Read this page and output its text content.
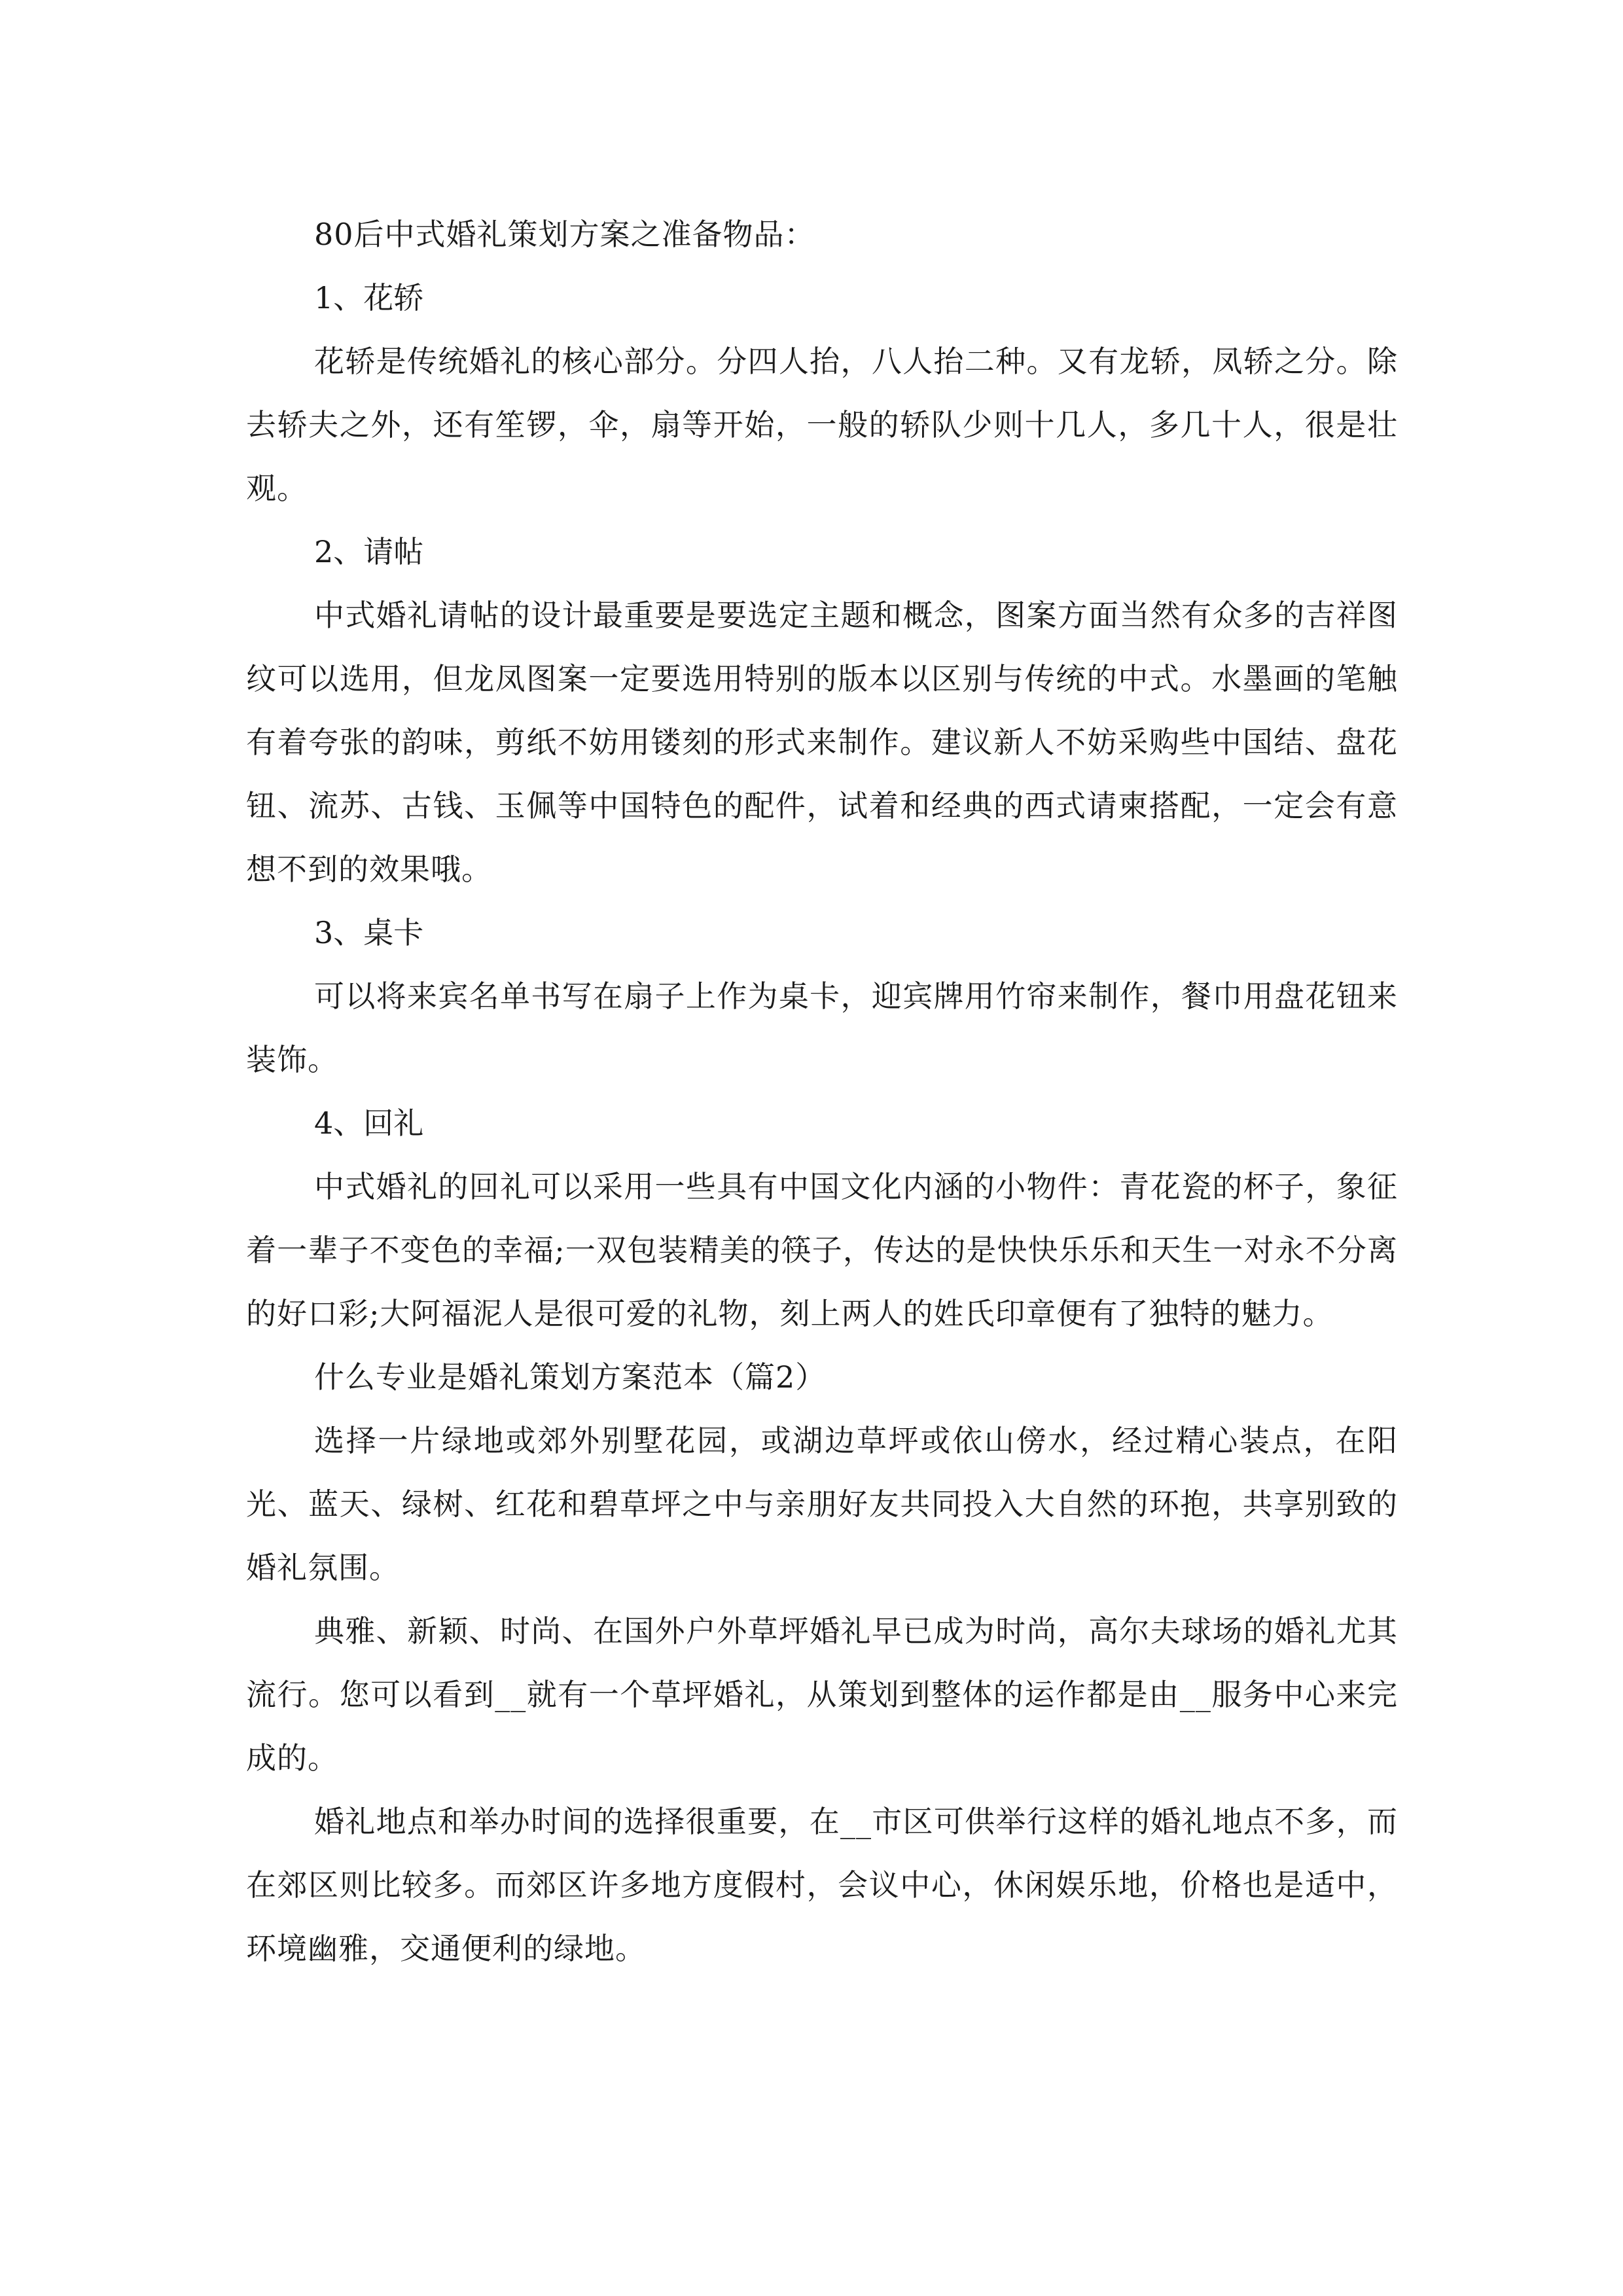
80后中式婚礼策划方案之准备物品：

1、花轿

花轿是传统婚礼的核心部分。分四人抬，八人抬二种。又有龙轿，凤轿之分。除去轿夫之外，还有笙锣，伞，扇等开始，一般的轿队少则十几人，多几十人，很是壮观。

2、请帖

中式婚礼请帖的设计最重要是要选定主题和概念，图案方面当然有众多的吉祥图纹可以选用，但龙凤图案一定要选用特别的版本以区别与传统的中式。水墨画的笔触有着夸张的韵味，剪纸不妨用镂刻的形式来制作。建议新人不妨采购些中国结、盘花钮、流苏、古钱、玉佩等中国特色的配件，试着和经典的西式请柬搭配，一定会有意想不到的效果哦。

3、桌卡

可以将来宾名单书写在扇子上作为桌卡，迎宾牌用竹帘来制作，餐巾用盘花钮来装饰。

4、回礼

中式婚礼的回礼可以采用一些具有中国文化内涵的小物件：青花瓷的杯子，象征着一辈子不变色的幸福;一双包装精美的筷子，传达的是快快乐乐和天生一对永不分离的好口彩;大阿福泥人是很可爱的礼物，刻上两人的姓氏印章便有了独特的魅力。

什么专业是婚礼策划方案范本（篇2）

选择一片绿地或郊外别墅花园，或湖边草坪或依山傍水，经过精心装点，在阳光、蓝天、绿树、红花和碧草坪之中与亲朋好友共同投入大自然的环抱，共享别致的婚礼氛围。

典雅、新颖、时尚、在国外户外草坪婚礼早已成为时尚，高尔夫球场的婚礼尤其流行。您可以看到__就有一个草坪婚礼，从策划到整体的运作都是由__服务中心来完成的。

婚礼地点和举办时间的选择很重要，在__市区可供举行这样的婚礼地点不多，而在郊区则比较多。而郊区许多地方度假村，会议中心，休闲娱乐地，价格也是适中，环境幽雅，交通便利的绿地。
